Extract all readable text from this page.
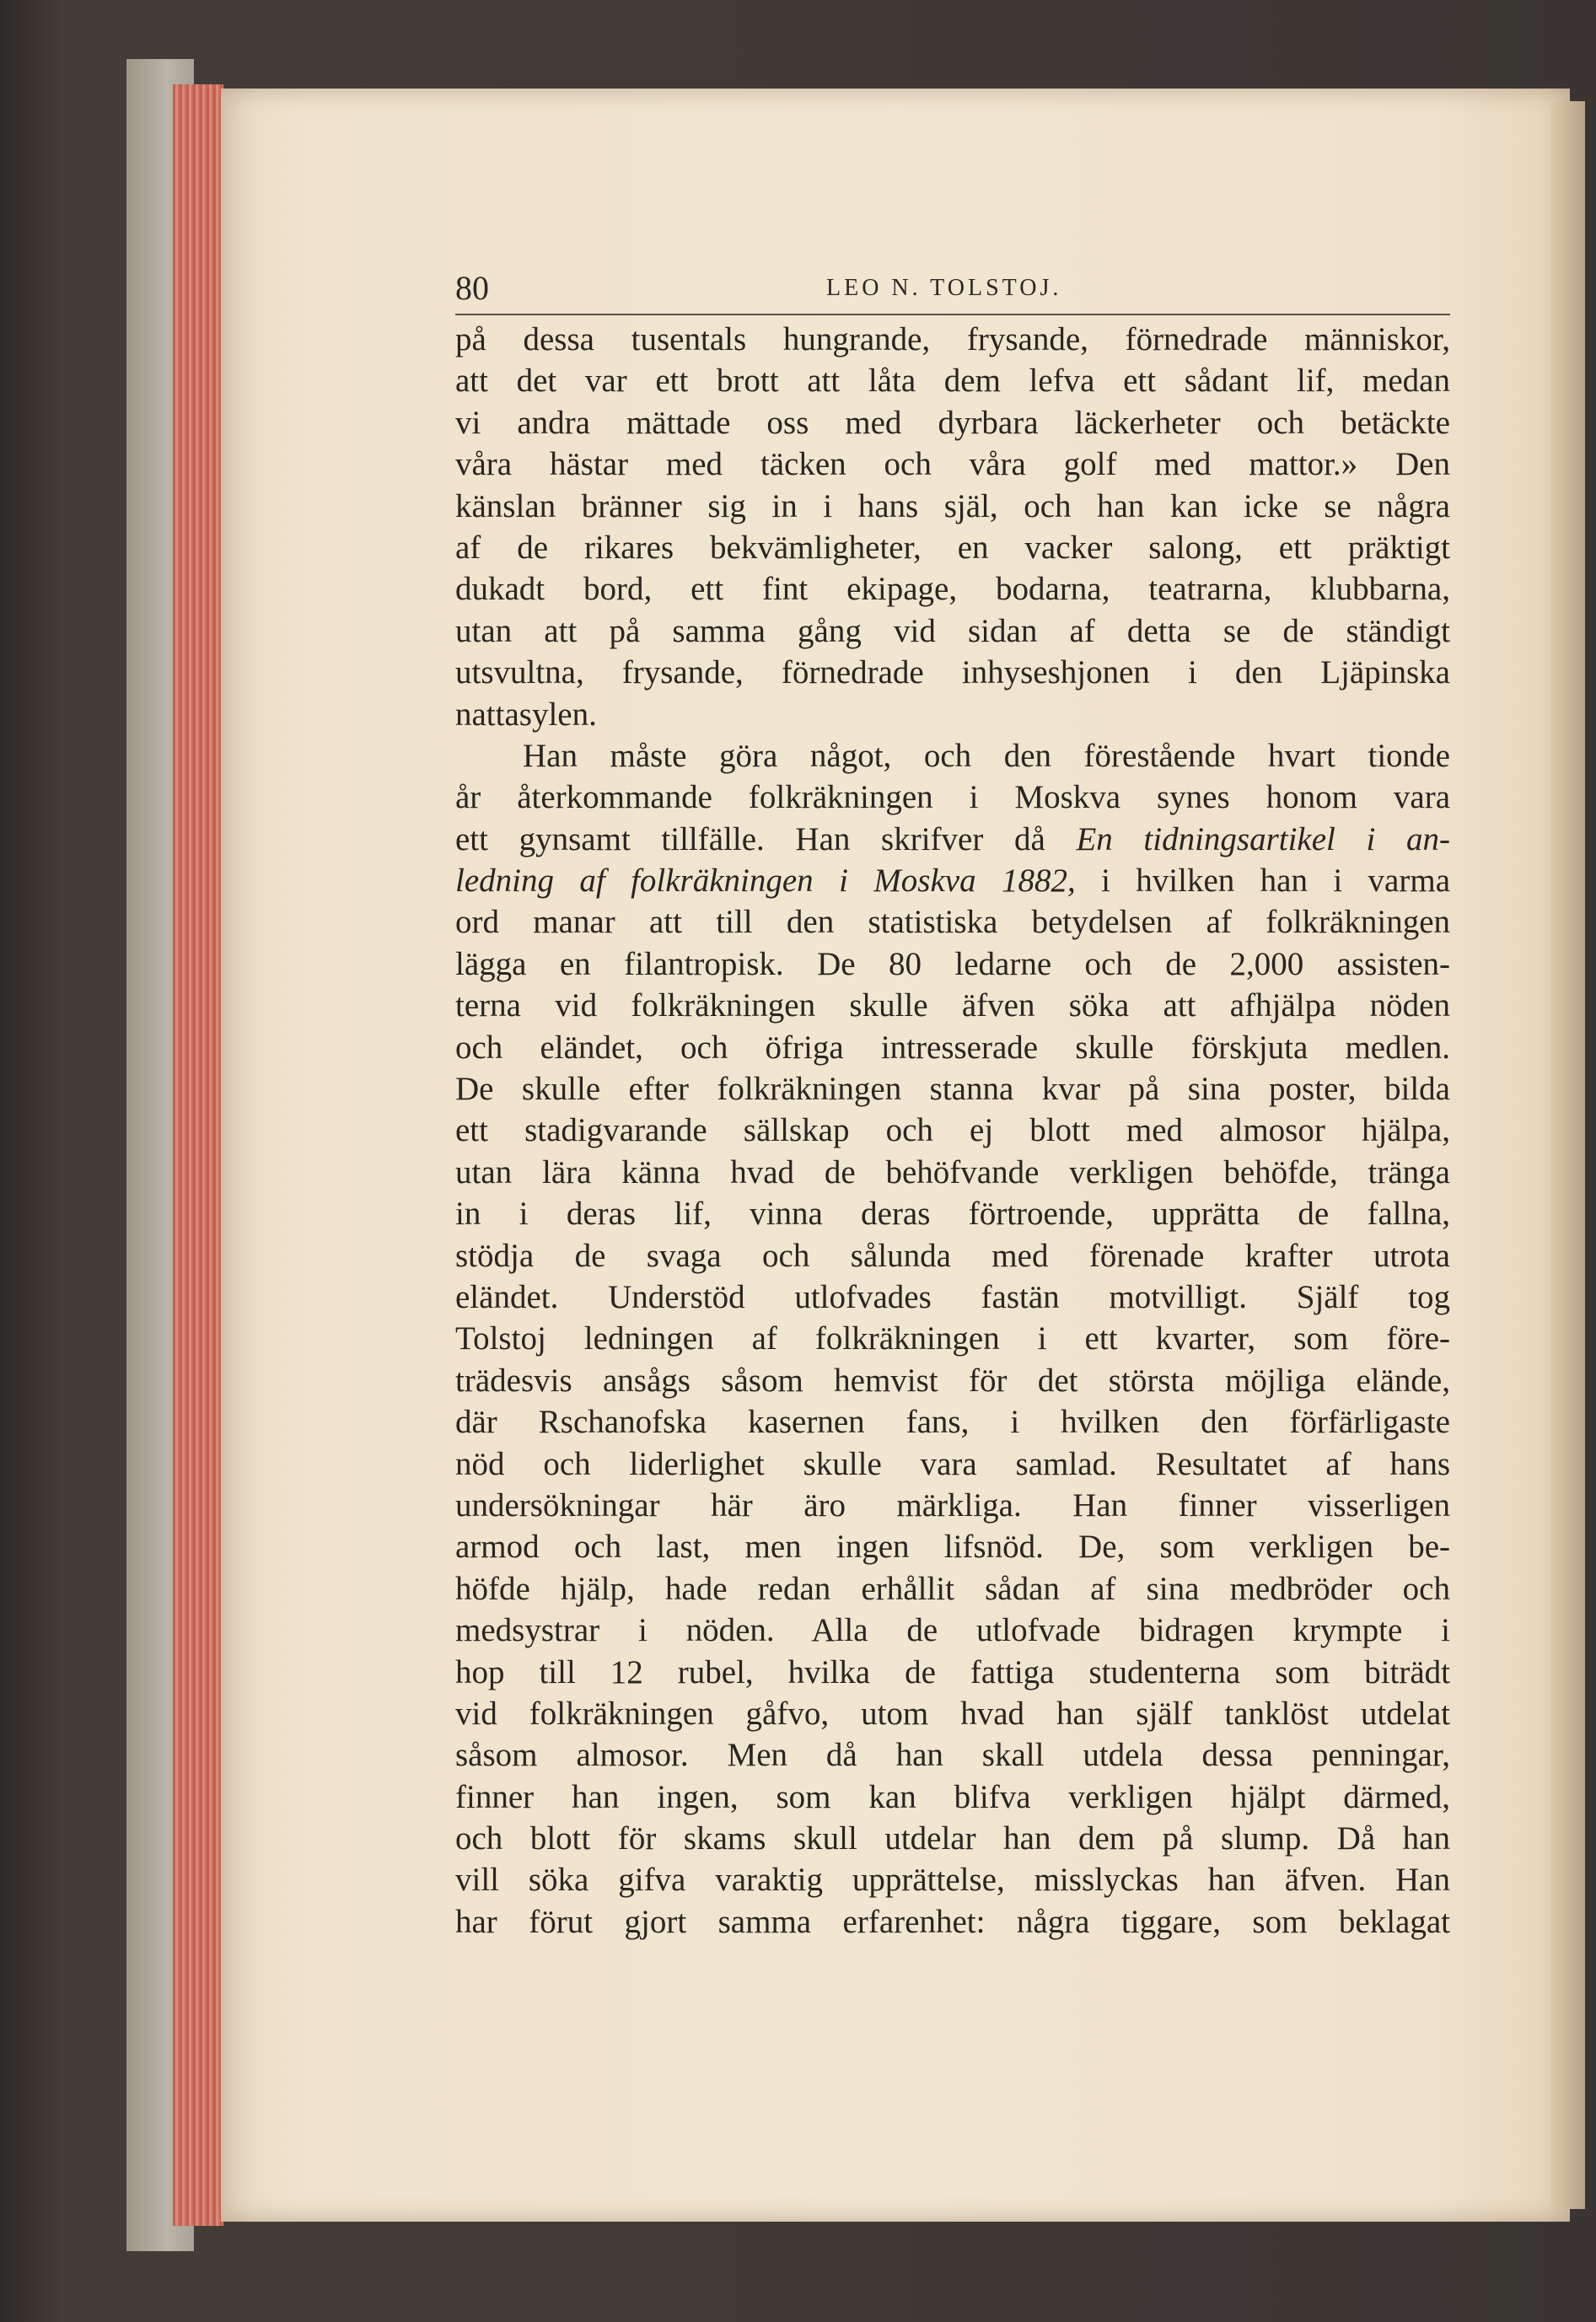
80	LEO N. TOLSTOJ.
på dessa tusentals hungrande, frysande, förnedrade människor,
att det var ett brott att låta dem lefva ett sådant lif, medan
vi andra mättade oss med dyrbara läckerheter och betäckte
våra hästar med täcken och våra golf med mattor.» Den
känslan bränner sig in i hans själ, och han kan icke se några
af de rikares bekvämligheter, en vacker salong, ett präktigt
dukadt bord, ett fint ekipage, bodarna, teatrarna, klubbarna,
utan att på samma gång vid sidan af detta se de ständigt
utsvultna, frysande, förnedrade inhyseshjonen i den Ljäpinska
nattasylen.
Han måste göra något, och den förestående hvart tionde
år återkommande folkräkningen i Moskva synes honom vara
ett gynsamt tillfälle. Han skrifver då En tidningsartikel i an-
ledning af folkräkningen i Moskva 1882, i hvilken han i varma
ord manar att till den statistiska betydelsen af folkräkningen
lägga en filantropisk. De 80 ledarne och de 2,000 assisten-
terna vid folkräkningen skulle äfven söka att afhjälpa nöden
och eländet, och öfriga intresserade skulle förskjuta medlen.
De skulle efter folkräkningen stanna kvar på sina poster, bilda
ett stadigvarande sällskap och ej blott med almosor hjälpa,
utan lära känna hvad de behöfvande verkligen behöfde, tränga
in i deras lif, vinna deras förtroende, upprätta de fallna,
stödja de svaga och sålunda med förenade krafter utrota
eländet. Understöd utlofvades fastän motvilligt. Själf tog
Tolstoj ledningen af folkräkningen i ett kvarter, som före-
trädesvis ansågs såsom hemvist för det största möjliga elände,
där Rschanofska kasernen fans, i hvilken den förfärligaste
nöd och liderlighet skulle vara samlad. Resultatet af hans
undersökningar här äro märkliga. Han finner visserligen
armod och last, men ingen lifsnöd. De, som verkligen be-
höfde hjälp, hade redan erhållit sådan af sina medbröder och
medsystrar i nöden. Alla de utlofvade bidragen krympte i
hop till 12 rubel, hvilka de fattiga studenterna som biträdt
vid folkräkningen gåfvo, utom hvad han själf tanklöst utdelat
såsom almosor. Men då han skall utdela dessa penningar,
finner han ingen, som kan blifva verkligen hjälpt därmed,
och blott för skams skull utdelar han dem på slump. Då han
vill söka gifva varaktig upprättelse, misslyckas han äfven. Han
har förut gjort samma erfarenhet: några tiggare, som beklagat
